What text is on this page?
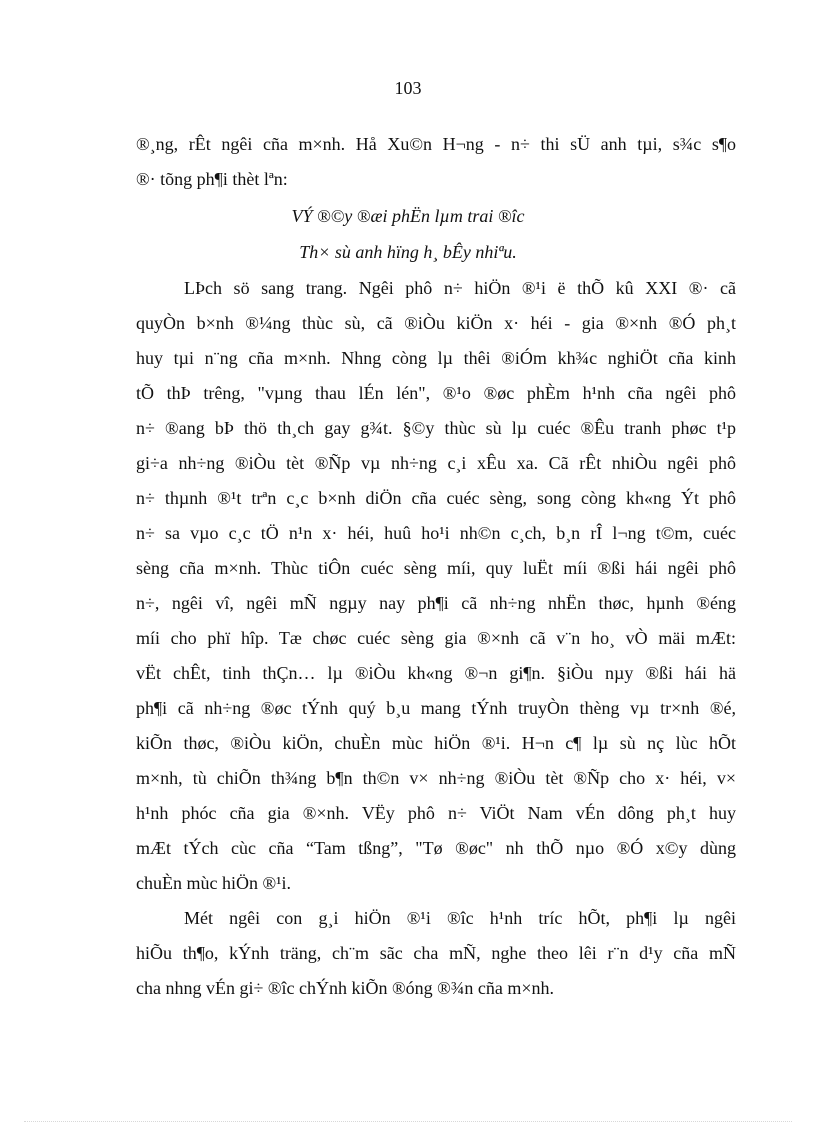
103
®¸ng, rÊt ngêi cña m×nh. Hå Xu©n H¬ng - n÷ thi sÜ anh tµi, s¾c s¶o
®· tõng ph¶i thèt lªn:
VÝ ®©y ®æi phËn lµm trai ®îc
Th× sù anh hïng h¸ bÊy nhiªu.
LÞch sö sang trang. Ngêi phô n÷ hiÖn ®¹i ë thÕ kû XXI ®· cã
quyÒn b×nh ®¼ng thùc sù, cã ®iÒu kiÖn x· héi - gia ®×nh ®Ó ph¸t
huy tµi n¨ng cña m×nh. Nhng còng lµ thêi ®iÓm kh¾c nghiÖt cña kinh
tÕ thÞ trêng, "vµng thau lÉn lén", ®¹o ®øc phÈm h¹nh cña ngêi phô
n÷ ®ang bÞ thö th¸ch gay g¾t. §©y thùc sù lµ cuéc ®Êu tranh phøc t¹p
gi÷a nh÷ng ®iÒu tèt ®Ñp vµ nh÷ng c¸i xÊu xa. Cã rÊt nhiÒu ngêi phô
n÷ thµnh ®¹t trªn c¸c b×nh diÖn cña cuéc sèng, song còng kh«ng Ýt phô
n÷ sa vµo c¸c tÖ n¹n x· héi, huû ho¹i nh©n c¸ch, b¸n rÎ l¬ng t©m, cuéc
sèng cña m×nh. Thùc tiÔn cuéc sèng míi, quy luËt míi ®ßi hái ngêi phô
n÷, ngêi vî, ngêi mÑ ngµy nay ph¶i cã nh÷ng nhËn thøc, hµnh ®éng
míi cho phï hîp. Tæ chøc cuéc sèng gia ®×nh cã v¨n ho¸ vÒ mäi mÆt:
vËt chÊt, tinh thÇn… lµ ®iÒu kh«ng ®¬n gi¶n. §iÒu nµy ®ßi hái hä
ph¶i cã nh÷ng ®øc tÝnh quý b¸u mang tÝnh truyÒn thèng vµ tr×nh ®é,
kiÕn thøc, ®iÒu kiÖn, chuÈn mùc hiÖn ®¹i. H¬n c¶ lµ sù nç lùc hÕt
m×nh, tù chiÕn th¾ng b¶n th©n v× nh÷ng ®iÒu tèt ®Ñp cho x· héi, v×
h¹nh phóc cña gia ®×nh. VËy phô n÷ ViÖt Nam vÉn dông ph¸t huy
mÆt tÝch cùc cña “Tam tßng”, "Tø ®øc" nh thÕ nµo ®Ó x©y dùng
chuÈn mùc hiÖn ®¹i.
Mét ngêi con g¸i hiÖn ®¹i ®îc h¹nh tríc hÕt, ph¶i lµ ngêi
hiÕu th¶o, kÝnh träng, ch¨m sãc cha mÑ, nghe theo lêi r¨n d¹y cña mÑ
cha nhng vÉn gi÷ ®îc chÝnh kiÕn ®óng ®¾n cña m×nh.
